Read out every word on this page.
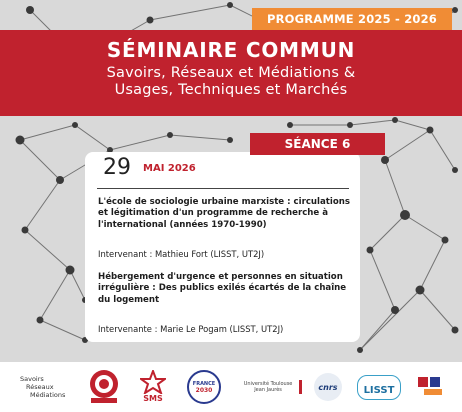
SÉMINAIRE COMMUN
Savoirs, Réseaux et Médiations &
Usages, Techniques et Marchés
PROGRAMME 2025 - 2026
SÉANCE 6
29 MAI 2026
L'école de sociologie urbaine marxiste : circulations et légitimation d'un programme de recherche à l'international (années 1970-1990)
Intervenant : Mathieu Fort (LISST, UT2J)
Hébergement d'urgence et personnes en situation irrégulière : Des publics exilés écartés de la chaîne du logement
Intervenante : Marie Le Pogam (LISST, UT2J)
Savoirs
Réseaux
Médiations	SMS
FRANCE
2030
Université Toulouse Jean Jaurès	cnrs	LISST
